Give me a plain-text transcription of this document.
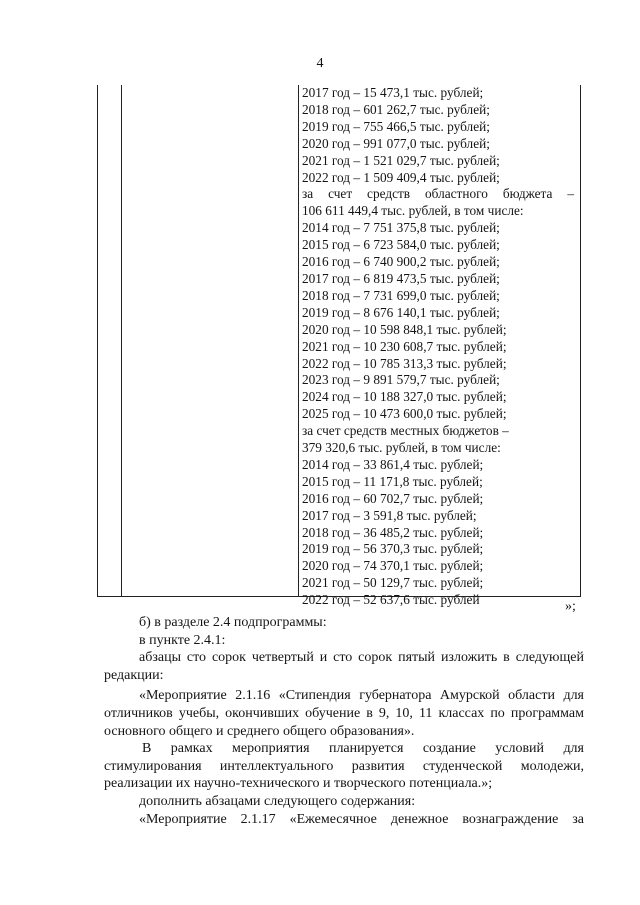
4
2017 год – 15 473,1 тыс. рублей;
2018 год – 601 262,7 тыс. рублей;
2019 год – 755 466,5 тыс. рублей;
2020 год – 991 077,0 тыс. рублей;
2021 год – 1 521 029,7 тыс. рублей;
2022 год – 1 509 409,4 тыс. рублей;
за счет средств областного бюджета –
106 611 449,4 тыс. рублей, в том числе:
2014 год – 7 751 375,8 тыс. рублей;
2015 год – 6 723 584,0 тыс. рублей;
2016 год – 6 740 900,2 тыс. рублей;
2017 год – 6 819 473,5 тыс. рублей;
2018 год – 7 731 699,0 тыс. рублей;
2019 год – 8 676 140,1 тыс. рублей;
2020 год – 10 598 848,1 тыс. рублей;
2021 год – 10 230 608,7 тыс. рублей;
2022 год – 10 785 313,3 тыс. рублей;
2023 год – 9 891 579,7 тыс. рублей;
2024 год – 10 188 327,0 тыс. рублей;
2025 год – 10 473 600,0 тыс. рублей;
за счет средств местных бюджетов –
379 320,6 тыс. рублей, в том числе:
2014 год – 33 861,4 тыс. рублей;
2015 год – 11 171,8 тыс. рублей;
2016 год – 60 702,7 тыс. рублей;
2017 год – 3 591,8 тыс. рублей;
2018 год – 36 485,2 тыс. рублей;
2019 год – 56 370,3 тыс. рублей;
2020 год – 74 370,1 тыс. рублей;
2021 год – 50 129,7 тыс. рублей;
2022 год – 52 637,6 тыс. рублей	»;

б) в разделе 2.4 подпрограммы:

в пункте 2.4.1:

абзацы сто сорок четвертый и сто сорок пятый изложить в следующей

редакции:

«Мероприятие 2.1.16 «Стипендия губернатора Амурской области для отличников учебы, окончивших обучение в 9, 10, 11 классах по программам основного общего и среднего общего образования».

В рамках мероприятия планируется создание условий для стимулирования интеллектуального развития студенческой молодежи, реализации их научно-технического и творческого потенциала.»;

дополнить абзацами следующего содержания:

«Мероприятие 2.1.17 «Ежемесячное денежное вознаграждение за
